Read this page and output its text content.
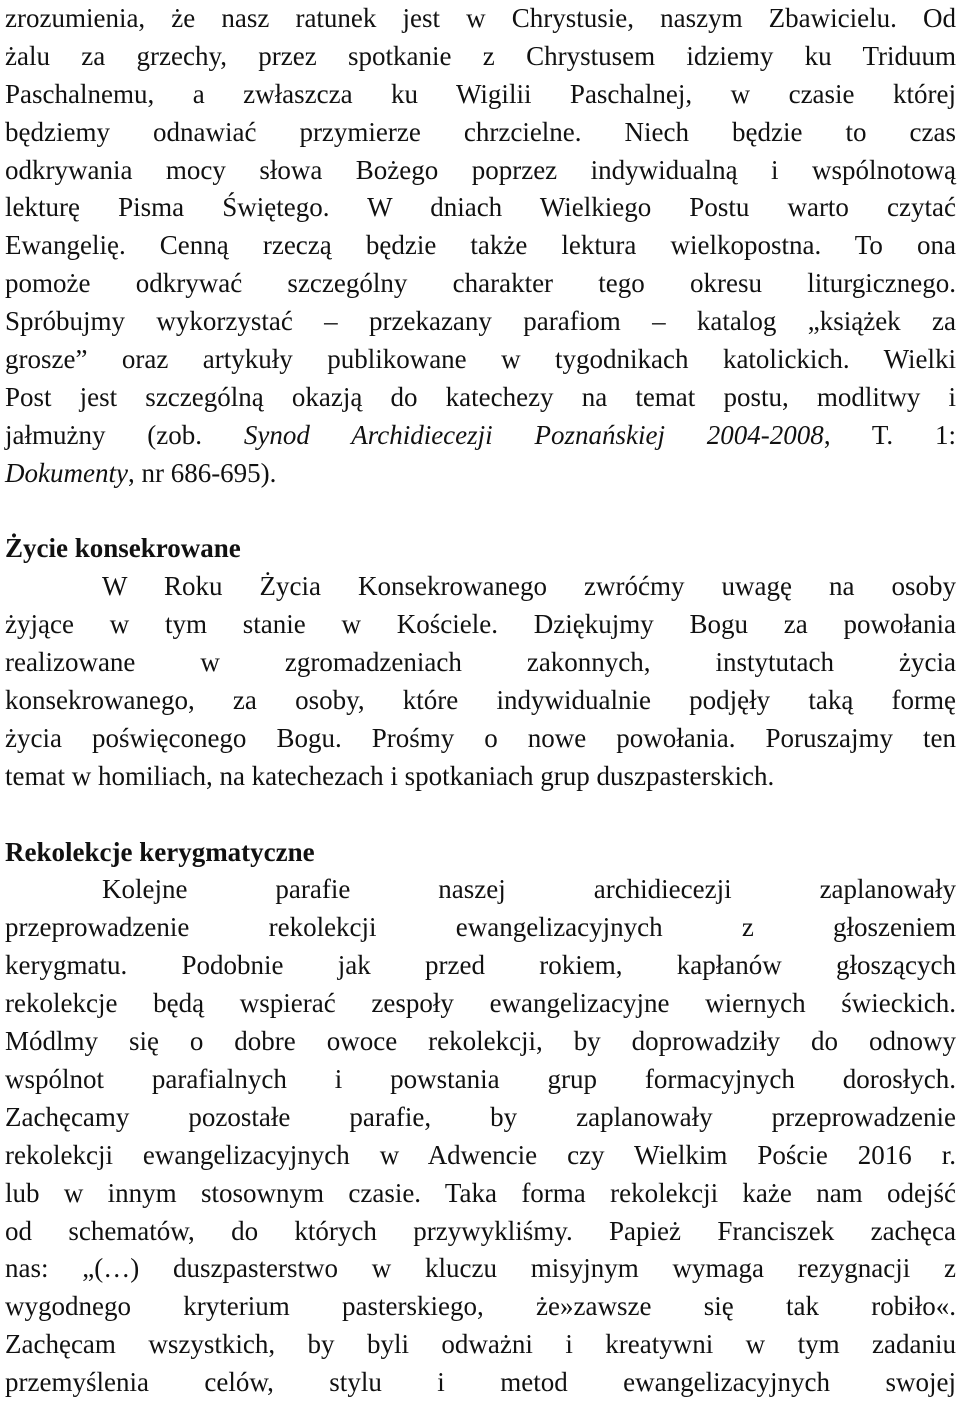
zrozumienia, że nasz ratunek jest w Chrystusie, naszym Zbawicielu. Od
żalu za grzechy, przez spotkanie z Chrystusem idziemy ku Triduum
Paschalnemu, a zwłaszcza ku Wigilii Paschalnej, w czasie której
będziemy odnawiać przymierze chrzcielne. Niech będzie to czas
odkrywania mocy słowa Bożego poprzez indywidualną i wspólnotową
lekturę Pisma Świętego. W dniach Wielkiego Postu warto czytać
Ewangelię. Cenną rzeczą będzie także lektura wielkopostna. To ona
pomoże odkrywać szczególny charakter tego okresu liturgicznego.
Spróbujmy wykorzystać – przekazany parafiom – katalog „książek za
grosze” oraz artykuły publikowane w tygodnikach katolickich. Wielki
Post jest szczególną okazją do katechezy na temat postu, modlitwy i
jałmużny (zob. Synod Archidiecezji Poznańskiej 2004-2008, T. 1:
Dokumenty, nr 686-695).
Życie konsekrowane
W Roku Życia Konsekrowanego zwróćmy uwagę na osoby
żyjące w tym stanie w Kościele. Dziękujmy Bogu za powołania
realizowane w zgromadzeniach zakonnych, instytutach życia
konsekrowanego, za osoby, które indywidualnie podjęły taką formę
życia poświęconego Bogu. Prośmy o nowe powołania. Poruszajmy ten
temat w homiliach, na katechezach i spotkaniach grup duszpasterskich.
Rekolekcje kerygmatyczne
Kolejne parafie naszej archidiecezji zaplanowały
przeprowadzenie rekolekcji ewangelizacyjnych z głoszeniem
kerygmatu. Podobnie jak przed rokiem, kapłanów głoszących
rekolekcje będą wspierać zespoły ewangelizacyjne wiernych świeckich.
Módlmy się o dobre owoce rekolekcji, by doprowadziły do odnowy
wspólnot parafialnych i powstania grup formacyjnych dorosłych.
Zachęcamy pozostałe parafie, by zaplanowały przeprowadzenie
rekolekcji ewangelizacyjnych w Adwencie czy Wielkim Poście 2016 r.
lub w innym stosownym czasie. Taka forma rekolekcji każe nam odejść
od schematów, do których przywykliśmy. Papież Franciszek zachęca
nas: „(…) duszpasterstwo w kluczu misyjnym wymaga rezygnacji z
wygodnego kryterium pasterskiego, że»zawsze się tak robiło«.
Zachęcam wszystkich, by byli odważni i kreatywni w tym zadaniu
przemyślenia celów, stylu i metod ewangelizacyjnych swojej
